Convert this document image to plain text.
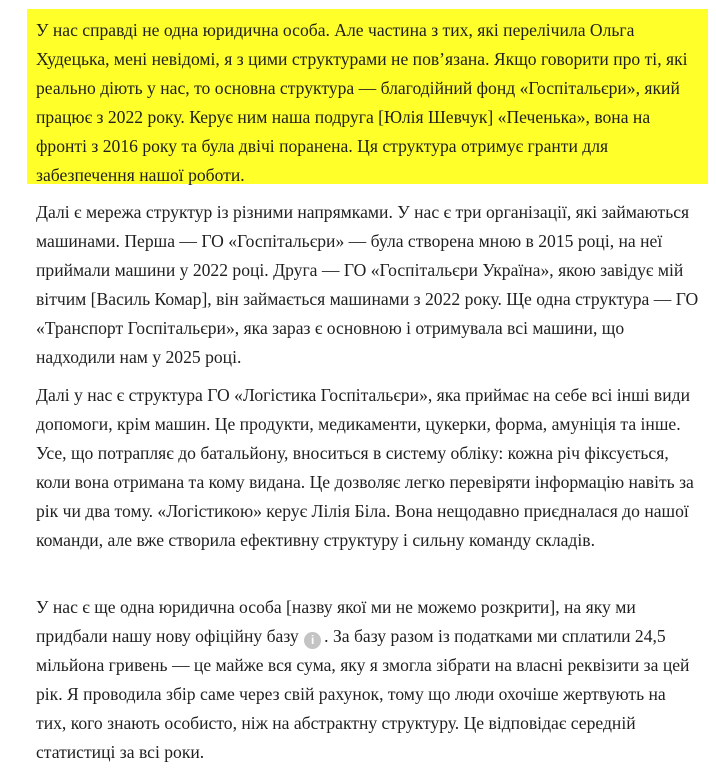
У нас справді не одна юридична особа. Але частина з тих, які перелічила Ольга Худецька, мені невідомі, я з цими структурами не пов’язана. Якщо говорити про ті, які реально діють у нас, то основна структура — благодійний фонд «Госпітальєри», який працює з 2022 року. Керує ним наша подруга [Юлія Шевчук] «Печенька», вона на фронті з 2016 року та була двічі поранена. Ця структура отримує гранти для забезпечення нашої роботи.

Далі є мережа структур із різними напрямками. У нас є три організації, які займаються машинами. Перша — ГО «Госпітальєри» — була створена мною в 2015 році, на неї приймали машини у 2022 році. Друга — ГО «Госпітальєри Україна», якою завідує мій вітчим [Василь Комар], він займається машинами з 2022 року. Ще одна структура — ГО «Транспорт Госпітальєри», яка зараз є основною і отримувала всі машини, що надходили нам у 2025 році.

Далі у нас є структура ГО «Логістика Госпітальєри», яка приймає на себе всі інші види допомоги, крім машин. Це продукти, медикаменти, цукерки, форма, амуніція та інше. Усе, що потрапляє до батальйону, вноситься в систему обліку: кожна річ фіксується, коли вона отримана та кому видана. Це дозволяє легко перевіряти інформацію навіть за рік чи два тому. «Логістикою» керує Лілія Біла. Вона нещодавно приєдналася до нашої команди, але вже створила ефективну структуру і сильну команду складів.

У нас є ще одна юридична особа [назву якої ми не можемо розкрити], на яку ми придбали нашу нову офіційну базу i . За базу разом із податками ми сплатили 24,5 мільйона гривень — це майже вся сума, яку я змогла зібрати на власні реквізити за цей рік. Я проводила збір саме через свій рахунок, тому що люди охочіше жертвують на тих, кого знають особисто, ніж на абстрактну структуру. Це відповідає середній статистиці за всі роки.
